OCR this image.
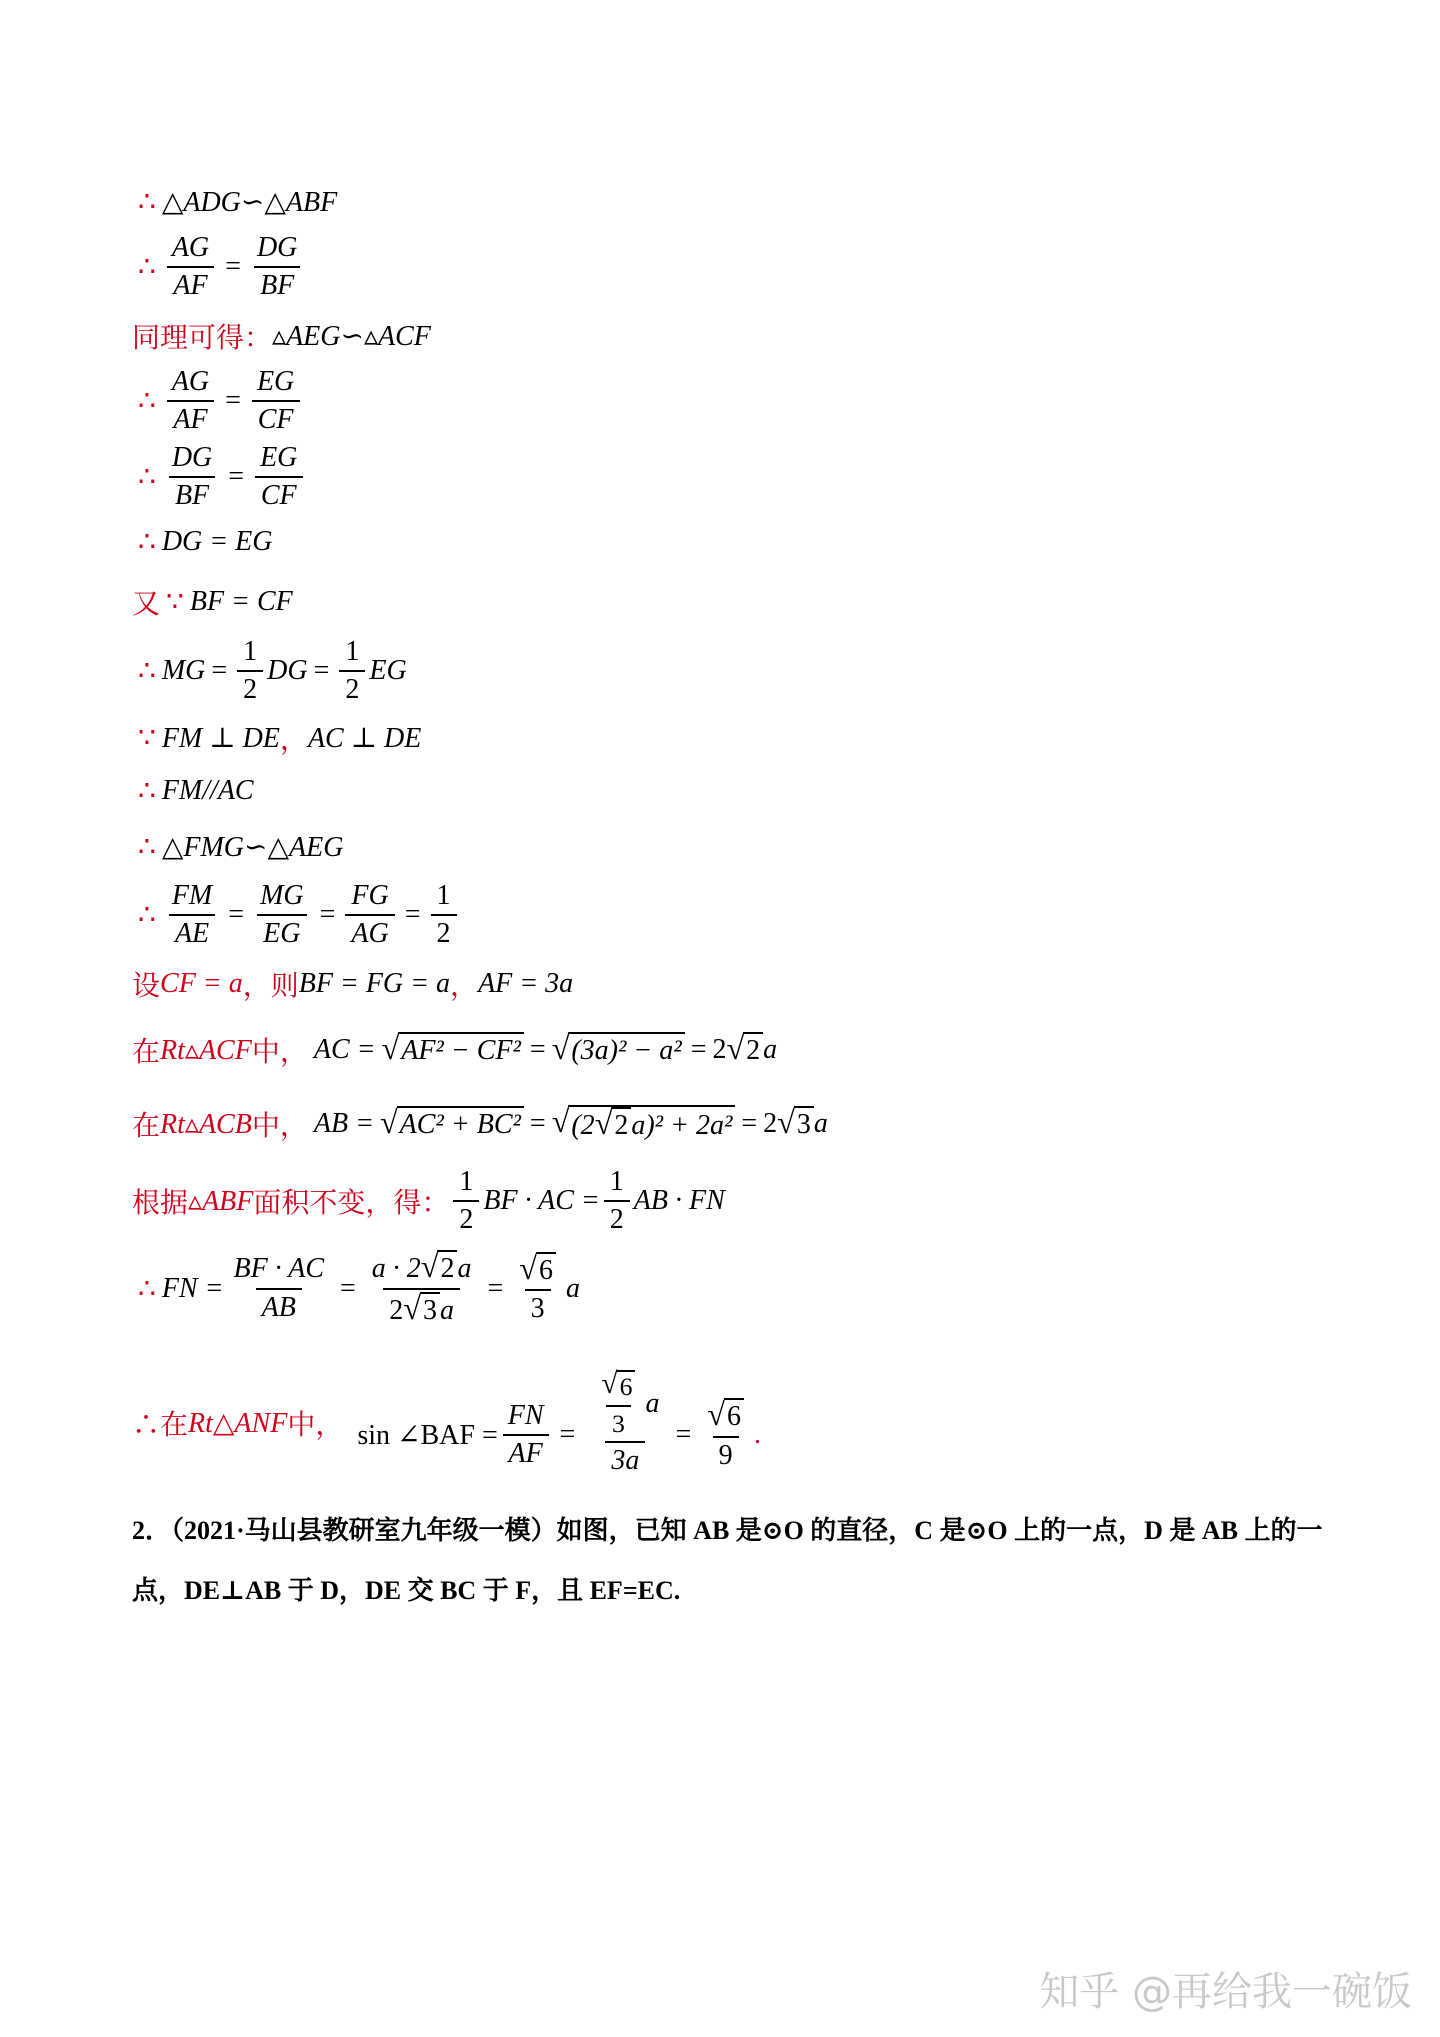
∴ △ADG∽△ABF
∴ $\frac{AG}{AF} = \frac{DG}{BF}$
同理可得： ▵AEG∽▵ACF
∴ $\frac{AG}{AF} = \frac{EG}{CF}$
∴ $\frac{DG}{BF} = \frac{EG}{CF}$
∴ DG = EG
又 ∵ BF = CF
∴ MG = $\frac{1}{2}$ DG = $\frac{1}{2}$ EG
∵ FM ⊥ DE ， AC ⊥ DE
∴ FM//AC
∴ △FMG∽△AEG
∴ $\frac{FM}{AE} = \frac{MG}{EG} = \frac{FG}{AG} = \frac{1}{2}$
设 CF = a ，则 BF = FG = a ， AF = 3a
在 Rt▵ACF 中， AC = √ AF² − CF² = √ (3a)² − a² = 2 √ 2 a
在 Rt▵ACB 中， AB = √ AC² + BC² = √ (2 √ 2 a)² + 2a² = 2 √ 3 a
根据 ▵ABF 面积不变，得： $\frac{1}{2}$ BF · AC = $\frac{1}{2}$ AB · FN
∴ FN = $\frac{BF \cdot AC}{AB} = \frac{a \cdot 2 √ 2 a}{2 √ 3 a} = \frac{√ 6}{3}$ a
∴在 Rt△ANF 中， sin ∠BAF = $\frac{FN}{AF} = \frac{\frac{√ 6}{3} a}{3a} = \frac{√ 6}{9}$ .
2．（2021·马山县教研室九年级一模）如图，已知 AB 是⊙O 的直径，C 是⊙O 上的一点，D 是 AB 上的一
点，DE⊥AB 于 D，DE 交 BC 于 F，且 EF=EC.
知乎 @再给我一碗饭
